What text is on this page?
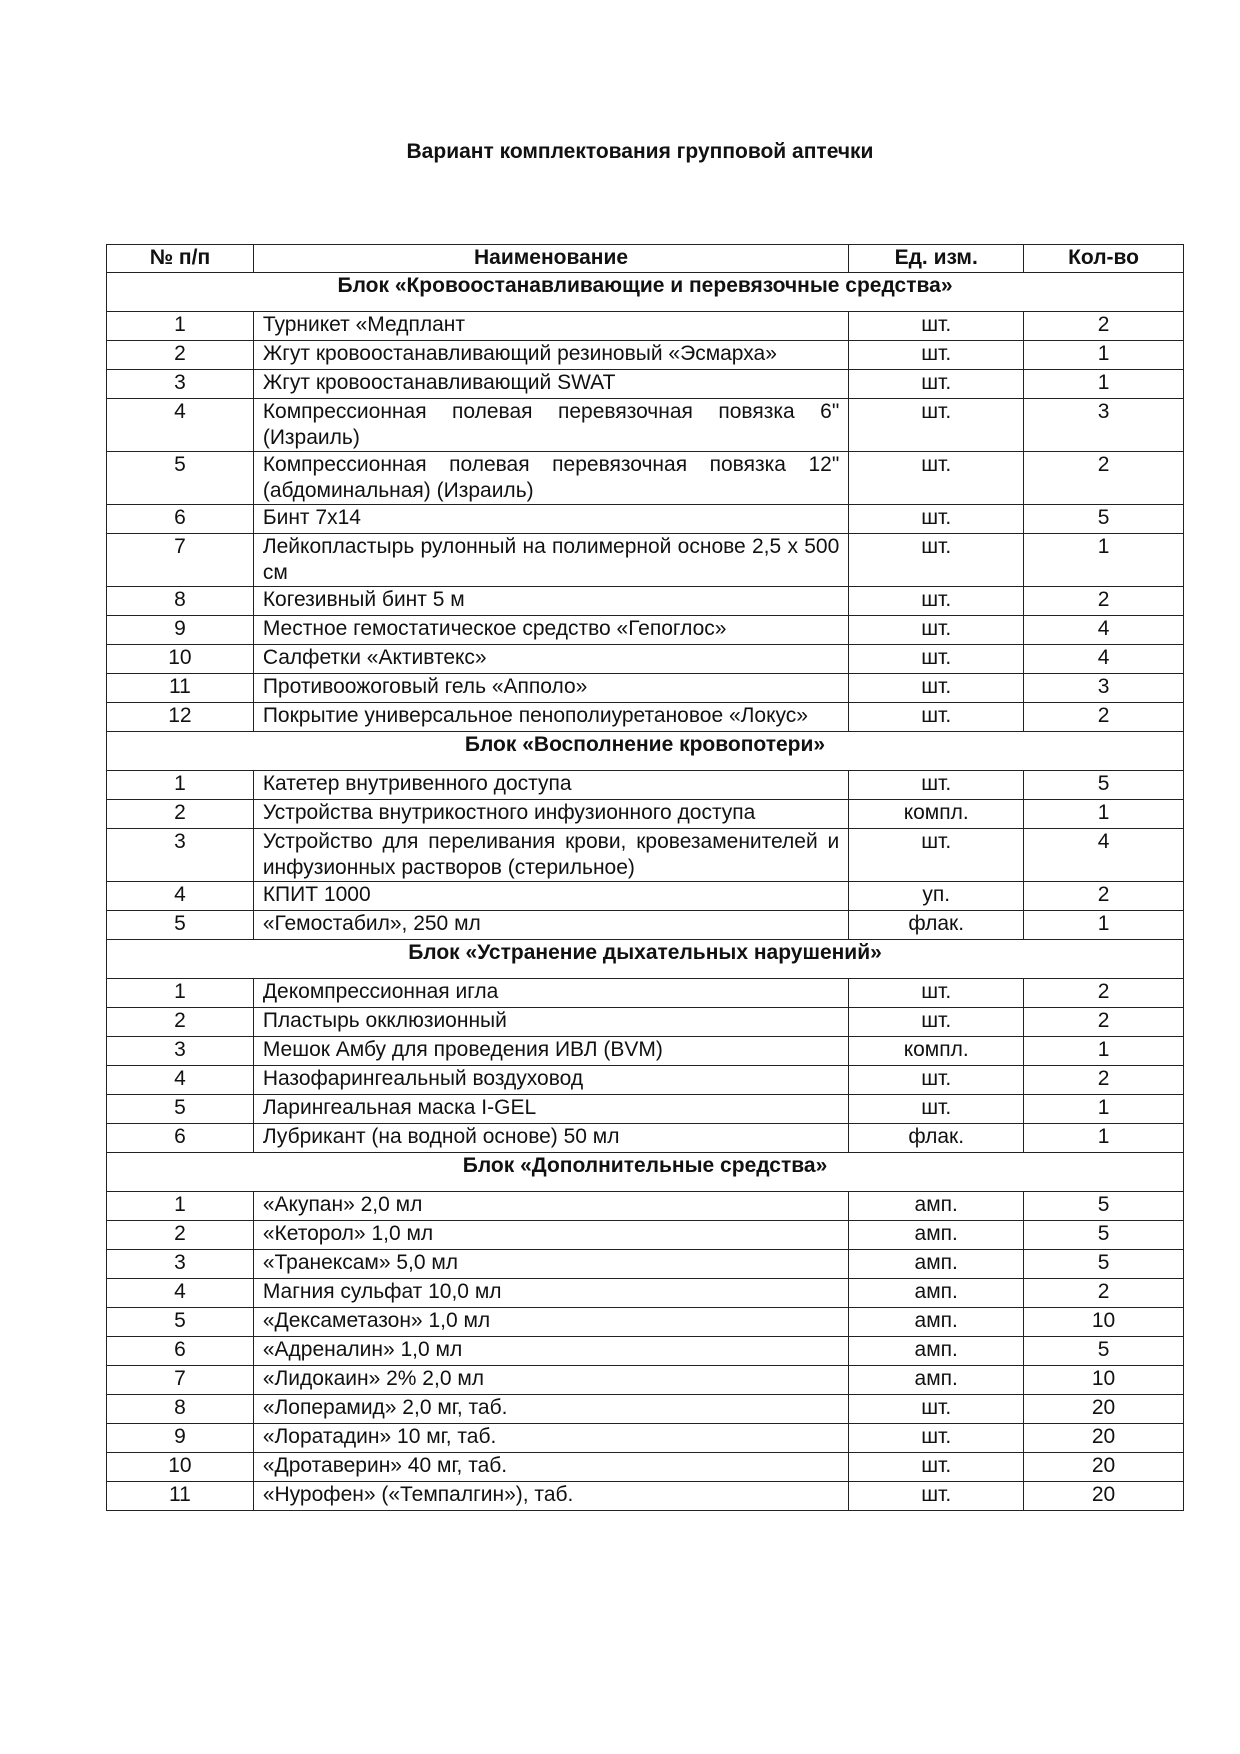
Вариант комплектования групповой аптечки
№ п/п	Наименование	Ед. изм.	Кол-во
Блок «Кровоостанавливающие и перевязочные средства»			
1	Турникет «Медплант	шт.	2
2	Жгут кровоостанавливающий резиновый «Эсмарха»	шт.	1
3	Жгут кровоостанавливающий SWAT	шт.	1
4	Компрессионная полевая перевязочная повязка 6" (Израиль)	шт.	3
5	Компрессионная полевая перевязочная повязка 12" (абдоминальная) (Израиль)	шт.	2
6	Бинт 7х14	шт.	5
7	Лейкопластырь рулонный на полимерной основе 2,5 х 500 см	шт.	1
8	Когезивный бинт 5 м	шт.	2
9	Местное гемостатическое средство «Гепоглос»	шт.	4
10	Салфетки «Активтекс»	шт.	4
11	Противоожоговый гель «Апполо»	шт.	3
12	Покрытие универсальное пенополиуретановое «Локус»	шт.	2
Блок «Восполнение кровопотери»			
1	Катетер внутривенного доступа	шт.	5
2	Устройства внутрикостного инфузионного доступа	компл.	1
3	Устройство для переливания крови, кровезаменителей и инфузионных растворов (стерильное)	шт.	4
4	КПИТ 1000	уп.	2
5	«Гемостабил», 250 мл	флак.	1
Блок «Устранение дыхательных нарушений»			
1	Декомпрессионная игла	шт.	2
2	Пластырь окклюзионный	шт.	2
3	Мешок Амбу для проведения ИВЛ (BVM)	компл.	1
4	Назофарингеальный воздуховод	шт.	2
5	Ларингеальная маска I-GEL	шт.	1
6	Лубрикант (на водной основе) 50 мл	флак.	1
Блок «Дополнительные средства»			
1	«Акупан» 2,0 мл	амп.	5
2	«Кеторол» 1,0 мл	амп.	5
3	«Транексам» 5,0 мл	амп.	5
4	Магния сульфат 10,0 мл	амп.	2
5	«Дексаметазон» 1,0 мл	амп.	10
6	«Адреналин» 1,0 мл	амп.	5
7	«Лидокаин» 2% 2,0 мл	амп.	10
8	«Лоперамид» 2,0 мг, таб.	шт.	20
9	«Лоратадин» 10 мг, таб.	шт.	20
10	«Дротаверин» 40 мг, таб.	шт.	20
11	«Нурофен» («Темпалгин»), таб.	шт.	20
